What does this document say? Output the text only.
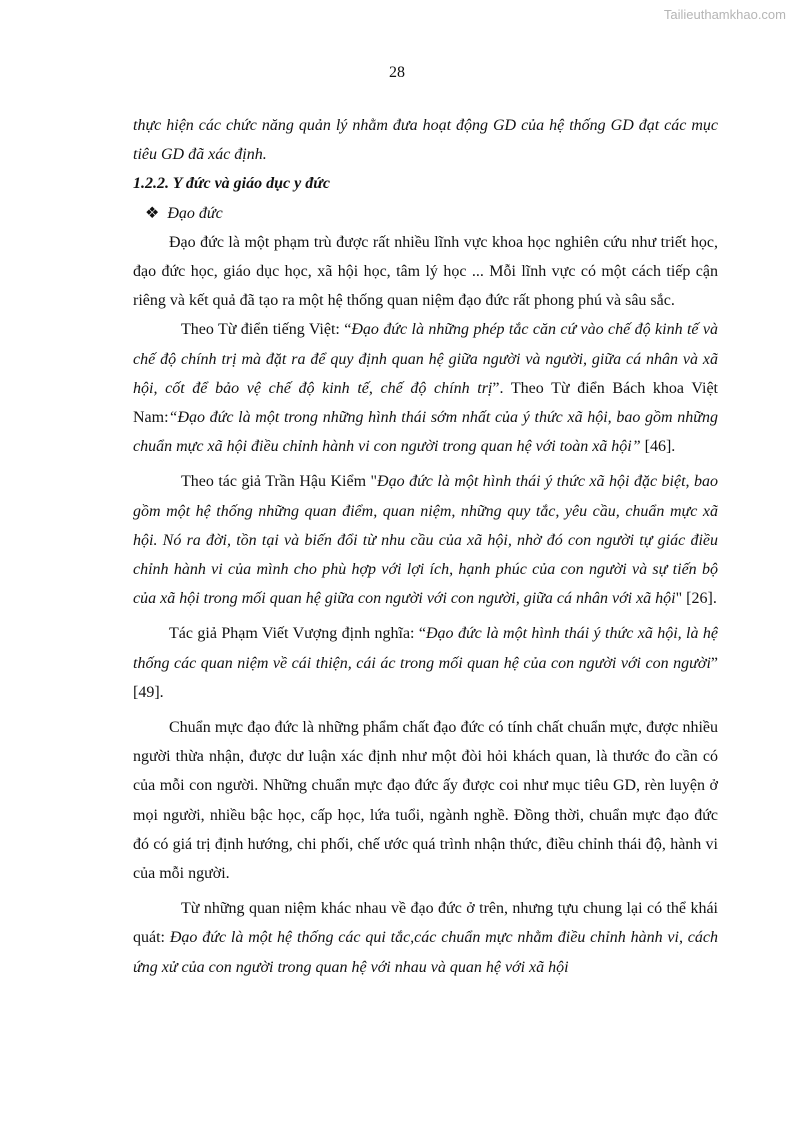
Tailieuthamkhao.com
28

thực hiện các chức năng quản lý nhằm đưa hoạt động GD của hệ thống GD đạt các mục tiêu GD đã xác định.

1.2.2. Y đức và giáo dục y đức

❖ Đạo đức

Đạo đức là một phạm trù được rất nhiều lĩnh vực khoa học nghiên cứu như triết học, đạo đức học, giáo dục học, xã hội học, tâm lý học ... Mỗi lĩnh vực có một cách tiếp cận riêng và kết quả đã tạo ra một hệ thống quan niệm đạo đức rất phong phú và sâu sắc.

Theo Từ điển tiếng Việt: “Đạo đức là những phép tắc căn cứ vào chế độ kinh tế và chế độ chính trị mà đặt ra để quy định quan hệ giữa người và người, giữa cá nhân và xã hội, cốt để bảo vệ chế độ kinh tế, chế độ chính trị”. Theo Từ điển Bách khoa Việt Nam:“Đạo đức là một trong những hình thái sớm nhất của ý thức xã hội, bao gồm những chuẩn mực xã hội điều chỉnh hành vi con người trong quan hệ với toàn xã hội” [46].

Theo tác giả Trần Hậu Kiểm "Đạo đức là một hình thái ý thức xã hội đặc biệt, bao gồm một hệ thống những quan điểm, quan niệm, những quy tắc, yêu cầu, chuẩn mực xã hội. Nó ra đời, tồn tại và biến đổi từ nhu cầu của xã hội, nhờ đó con người tự giác điều chỉnh hành vi của mình cho phù hợp với lợi ích, hạnh phúc của con người và sự tiến bộ của xã hội trong mối quan hệ giữa con người với con người, giữa cá nhân với xã hội" [26].

Tác giả Phạm Viết Vượng định nghĩa: “Đạo đức là một hình thái ý thức xã hội, là hệ thống các quan niệm về cái thiện, cái ác trong mối quan hệ của con người với con người” [49].

Chuẩn mực đạo đức là những phẩm chất đạo đức có tính chất chuẩn mực, được nhiều người thừa nhận, được dư luận xác định như một đòi hỏi khách quan, là thước đo cần có của mỗi con người. Những chuẩn mực đạo đức ấy được coi như mục tiêu GD, rèn luyện ở mọi người, nhiều bậc học, cấp học, lứa tuổi, ngành nghề. Đồng thời, chuẩn mực đạo đức đó có giá trị định hướng, chi phối, chế ước quá trình nhận thức, điều chỉnh thái độ, hành vi của mỗi người.

Từ những quan niệm khác nhau về đạo đức ở trên, nhưng tựu chung lại có thể khái quát: Đạo đức là một hệ thống các qui tắc,các chuẩn mực nhằm điều chỉnh hành vi, cách ứng xử của con người trong quan hệ với nhau và quan hệ với xã hội
